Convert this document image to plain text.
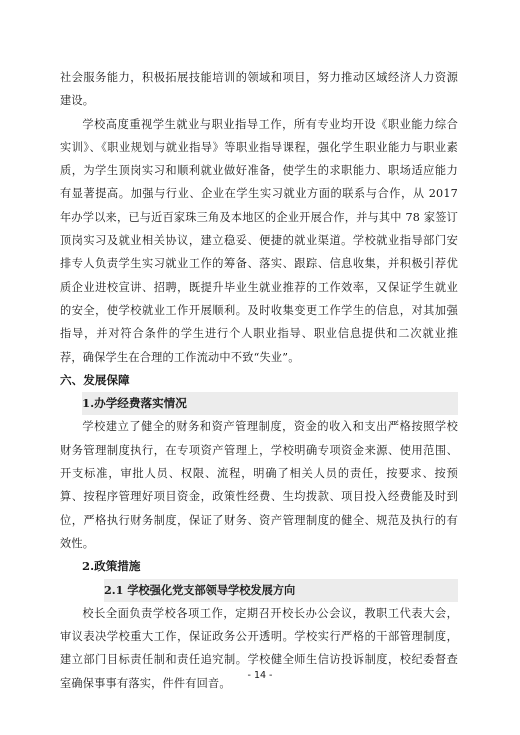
社会服务能力，积极拓展技能培训的领域和项目，努力推动区域经济人力资源建设。

学校高度重视学生就业与职业指导工作，所有专业均开设《职业能力综合实训》、《职业规划与就业指导》等职业指导课程，强化学生职业能力与职业素质，为学生顶岗实习和顺利就业做好准备，使学生的求职能力、职场适应能力有显著提高。加强与行业、企业在学生实习就业方面的联系与合作，从 2017 年办学以来，已与近百家珠三角及本地区的企业开展合作，并与其中 78 家签订顶岗实习及就业相关协议，建立稳妥、便捷的就业渠道。学校就业指导部门安排专人负责学生实习就业工作的筹备、落实、跟踪、信息收集，并积极引荐优质企业进校宣讲、招聘，既提升毕业生就业推荐的工作效率，又保证学生就业的安全，使学校就业工作开展顺利。及时收集变更工作学生的信息，对其加强指导，并对符合条件的学生进行个人职业指导、职业信息提供和二次就业推荐，确保学生在合理的工作流动中不致“失业”。

六、发展保障
1.办学经费落实情况

学校建立了健全的财务和资产管理制度，资金的收入和支出严格按照学校财务管理制度执行，在专项资产管理上，学校明确专项资金来源、使用范围、开支标准，审批人员、权限、流程，明确了相关人员的责任，按要求、按预算、按程序管理好项目资金，政策性经费、生均拨款、项目投入经费能及时到位，严格执行财务制度，保证了财务、资产管理制度的健全、规范及执行的有效性。

2.政策措施
2.1 学校强化党支部领导学校发展方向

校长全面负责学校各项工作，定期召开校长办公会议，教职工代表大会，审议表决学校重大工作，保证政务公开透明。学校实行严格的干部管理制度，建立部门目标责任制和责任追究制。学校健全师生信访投诉制度，校纪委督查室确保事事有落实，件件有回音。

- 14 -
